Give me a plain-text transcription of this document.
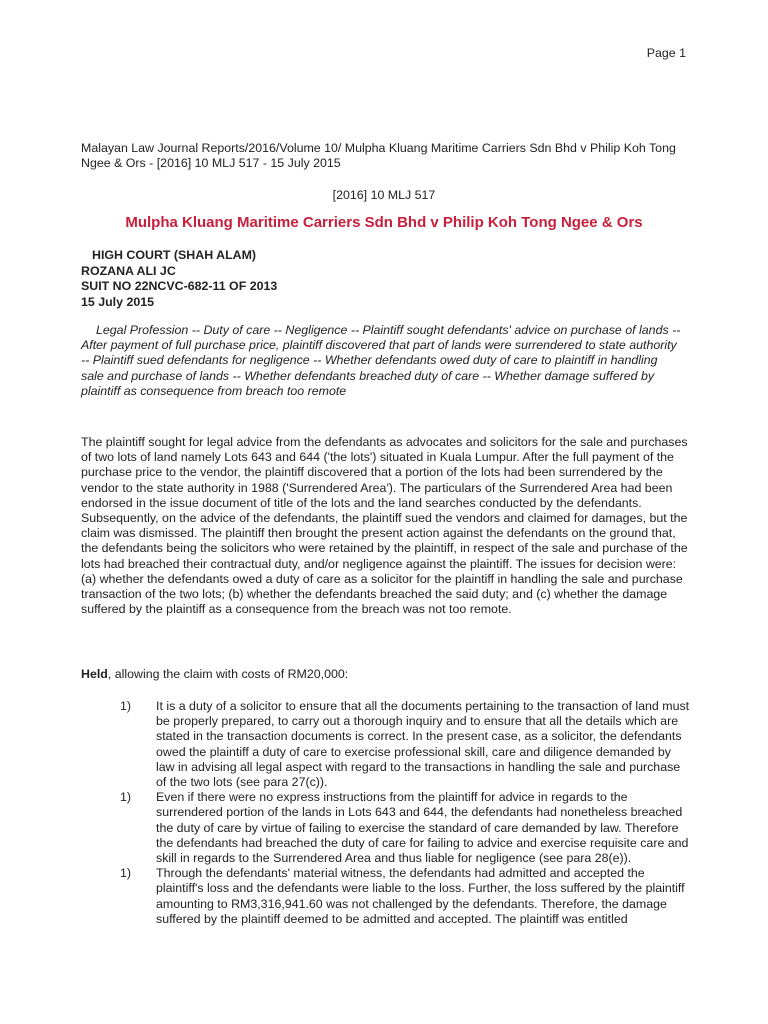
Page 1

Malayan Law Journal Reports/2016/Volume 10/ Mulpha Kluang Maritime Carriers Sdn Bhd v Philip Koh Tong Ngee & Ors - [2016] 10 MLJ 517 - 15 July 2015

[2016] 10 MLJ 517
Mulpha Kluang Maritime Carriers Sdn Bhd v Philip Koh Tong Ngee & Ors
HIGH COURT (SHAH ALAM)
ROZANA ALI JC
SUIT NO 22NCVC-682-11 OF 2013
15 July 2015

Legal Profession -- Duty of care -- Negligence -- Plaintiff sought defendants' advice on purchase of lands -- After payment of full purchase price, plaintiff discovered that part of lands were surrendered to state authority -- Plaintiff sued defendants for negligence -- Whether defendants owed duty of care to plaintiff in handling sale and purchase of lands -- Whether defendants breached duty of care -- Whether damage suffered by plaintiff as consequence from breach too remote

The plaintiff sought for legal advice from the defendants as advocates and solicitors for the sale and purchases of two lots of land namely Lots 643 and 644 ('the lots') situated in Kuala Lumpur. After the full payment of the purchase price to the vendor, the plaintiff discovered that a portion of the lots had been surrendered by the vendor to the state authority in 1988 ('Surrendered Area'). The particulars of the Surrendered Area had been endorsed in the issue document of title of the lots and the land searches conducted by the defendants. Subsequently, on the advice of the defendants, the plaintiff sued the vendors and claimed for damages, but the claim was dismissed. The plaintiff then brought the present action against the defendants on the ground that, the defendants being the solicitors who were retained by the plaintiff, in respect of the sale and purchase of the lots had breached their contractual duty, and/or negligence against the plaintiff. The issues for decision were: (a) whether the defendants owed a duty of care as a solicitor for the plaintiff in handling the sale and purchase transaction of the two lots; (b) whether the defendants breached the said duty; and (c) whether the damage suffered by the plaintiff as a consequence from the breach was not too remote.

Held, allowing the claim with costs of RM20,000:

1)	It is a duty of a solicitor to ensure that all the documents pertaining to the transaction of land must be properly prepared, to carry out a thorough inquiry and to ensure that all the details which are stated in the transaction documents is correct. In the present case, as a solicitor, the defendants owed the plaintiff a duty of care to exercise professional skill, care and diligence demanded by law in advising all legal aspect with regard to the transactions in handling the sale and purchase of the two lots (see para 27(c)).
1)	Even if there were no express instructions from the plaintiff for advice in regards to the surrendered portion of the lands in Lots 643 and 644, the defendants had nonetheless breached the duty of care by virtue of failing to exercise the standard of care demanded by law. Therefore the defendants had breached the duty of care for failing to advice and exercise requisite care and skill in regards to the Surrendered Area and thus liable for negligence (see para 28(e)).
1)	Through the defendants' material witness, the defendants had admitted and accepted the plaintiff's loss and the defendants were liable to the loss. Further, the loss suffered by the plaintiff amounting to RM3,316,941.60 was not challenged by the defendants. Therefore, the damage suffered by the plaintiff deemed to be admitted and accepted. The plaintiff was entitled
